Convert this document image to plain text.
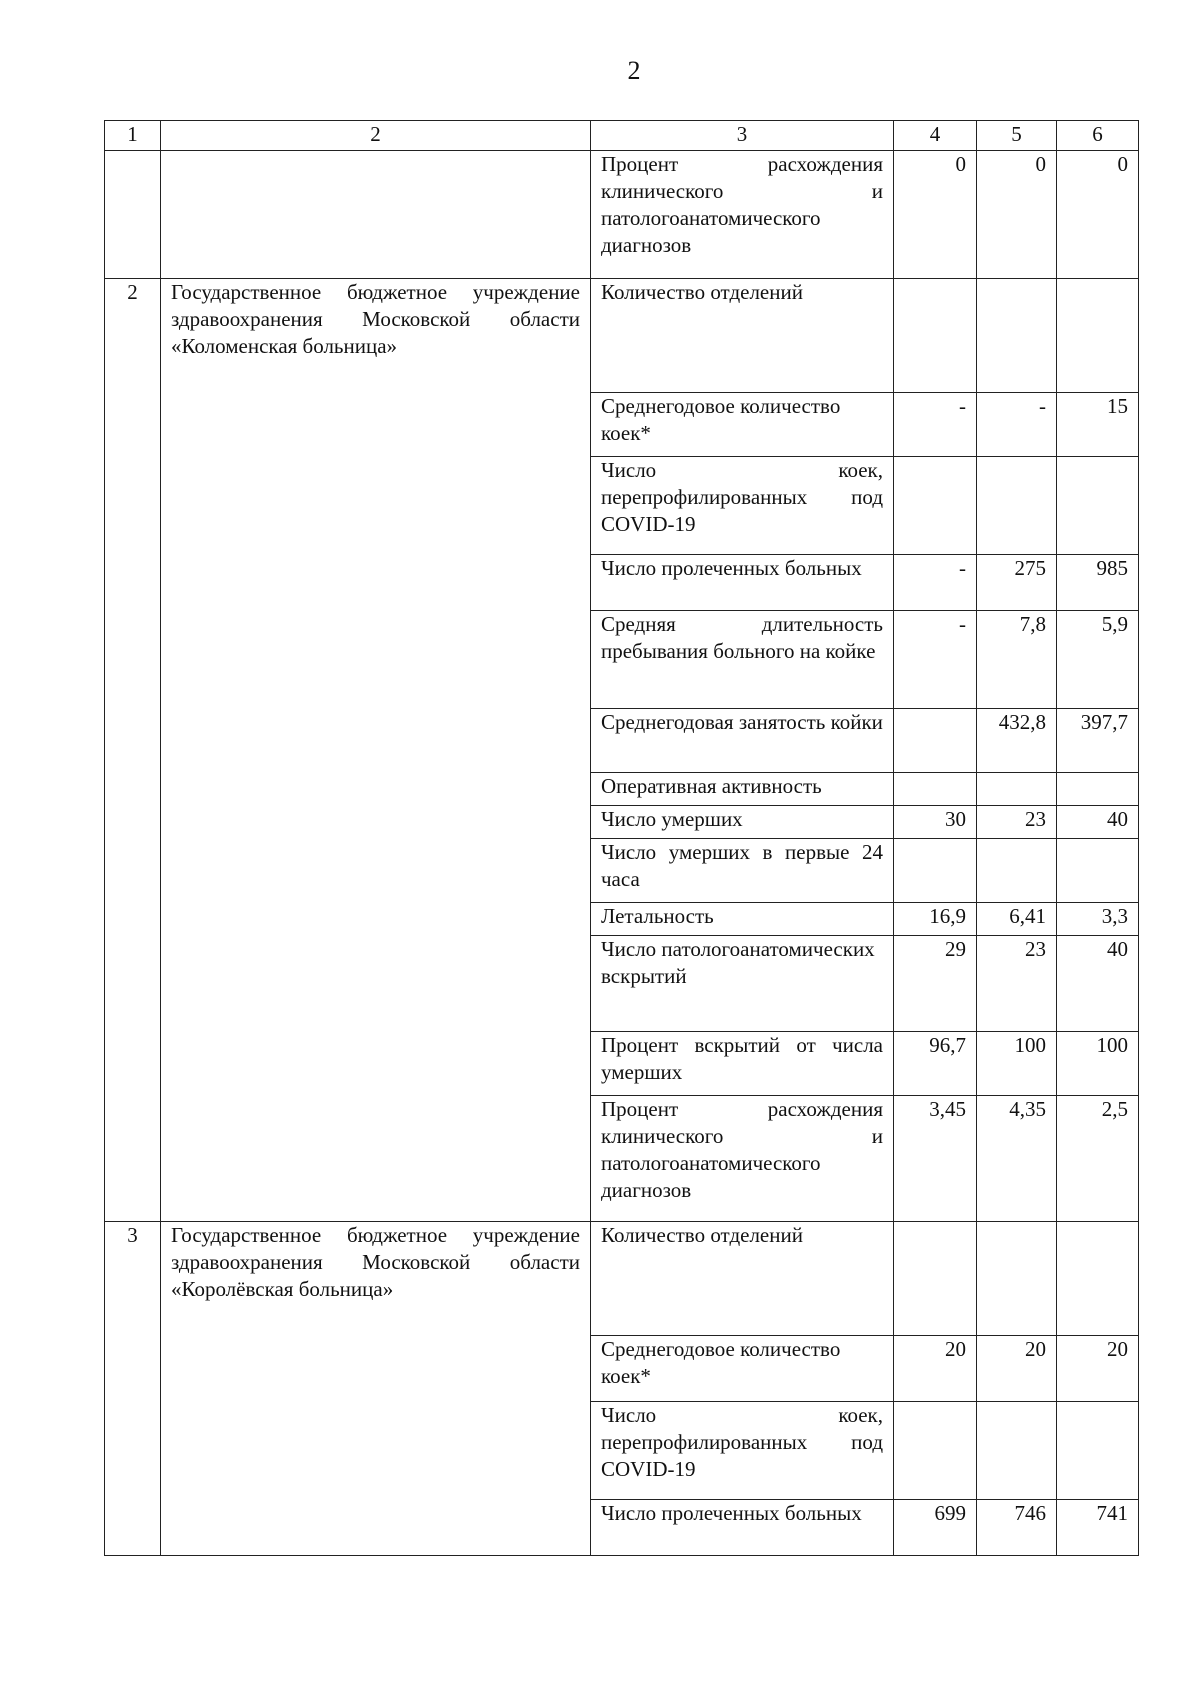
2
1	2	3	4	5	6
		Процент расхождения клинического и патологоанатомического диагнозов	0	0	0
2	Государственное бюджетное учреждение здравоохранения Московской области «Коломенская больница»	Количество отделений			
		Среднегодовое количество коек*	-	-	15
		Число коек, перепрофилированных под COVID-19			
		Число пролеченных больных	-	275	985
		Средняя длительность пребывания больного на койке	-	7,8	5,9
		Среднегодовая занятость койки		432,8	397,7
		Оперативная активность			
		Число умерших	30	23	40
		Число умерших в первые 24 часа			
		Летальность	16,9	6,41	3,3
		Число патологоанатомических вскрытий	29	23	40
		Процент вскрытий от числа умерших	96,7	100	100
		Процент расхождения клинического и патологоанатомического диагнозов	3,45	4,35	2,5
3	Государственное бюджетное учреждение здравоохранения Московской области «Королёвская больница»	Количество отделений			
		Среднегодовое количество коек*	20	20	20
		Число коек, перепрофилированных под COVID-19			
		Число пролеченных больных	699	746	741
